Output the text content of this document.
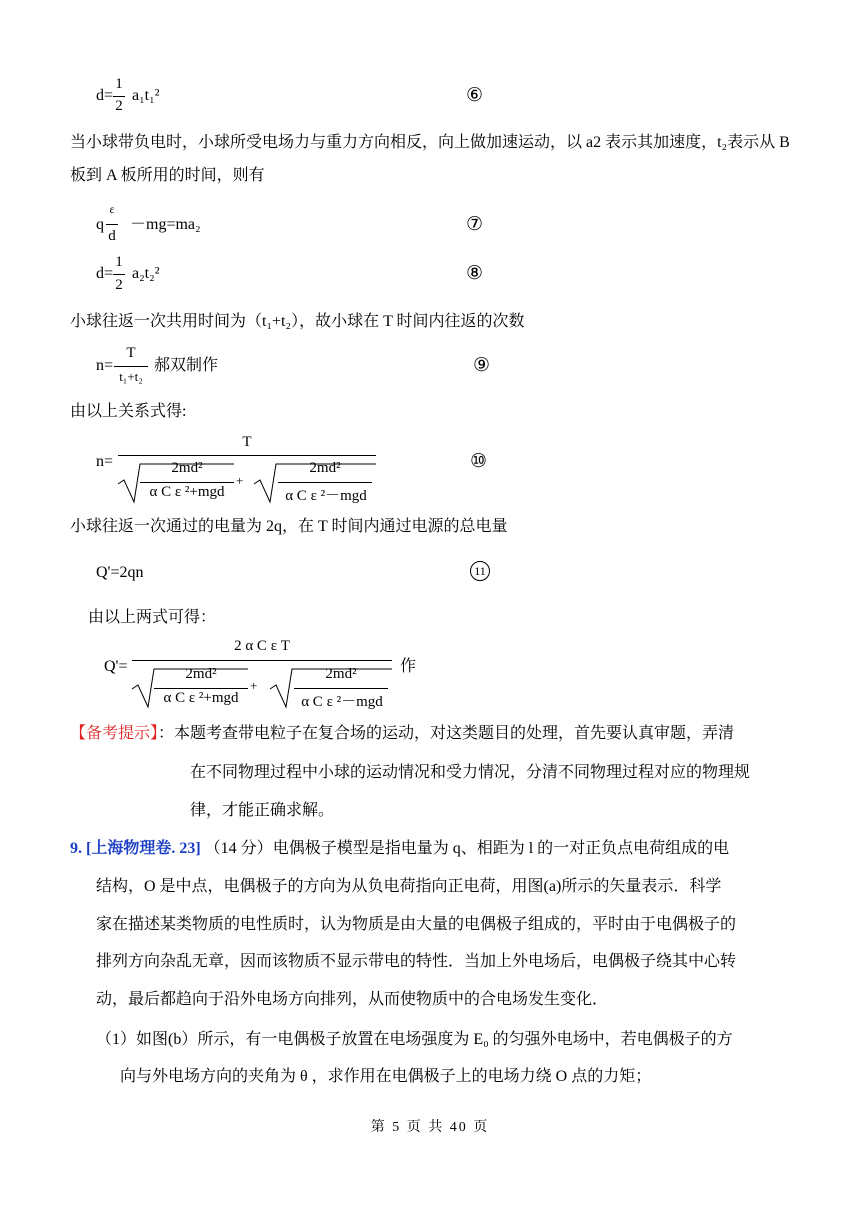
d=
1
2
a₁t₁²	⑥
当小球带负电时，小球所受电场力与重力方向相反，向上做加速运动，以 a2 表示其加速度，t₂表示从 B 板到 A 板所用的时间，则有
q
ε
d
－mg=ma₂	⑦
d=
1
2
a₂t₂²	⑧
小球往返一次共用时间为（t₁+t₂），故小球在 T 时间内往返的次数
n=
T
t₁+t₂
郝双制作	⑨
由以上关系式得:
n=
T
2md²
α C ε ²+mgd
+
2md²
α C ε ²－mgd
⑩
小球往返一次通过的电量为 2q，在 T 时间内通过电源的总电量
Q'=2qn	11
由以上两式可得：
Q'=
2 α C ε T
2md²
α C ε ²+mgd
+
2md²
α C ε ²－mgd
作
【备考提示】：本题考查带电粒子在复合场的运动，对这类题目的处理，首先要认真审题，弄清
在不同物理过程中小球的运动情况和受力情况，分清不同物理过程对应的物理规
律，才能正确求解。
9. [上海物理卷. 23] （14 分）电偶极子模型是指电量为 q、相距为 l 的一对正负点电荷组成的电
结构，O 是中点，电偶极子的方向为从负电荷指向正电荷，用图(a)所示的矢量表示．科学
家在描述某类物质的电性质时，认为物质是由大量的电偶极子组成的，平时由于电偶极子的
排列方向杂乱无章，因而该物质不显示带电的特性．当加上外电场后，电偶极子绕其中心转
动，最后都趋向于沿外电场方向排列，从而使物质中的合电场发生变化．
（1）如图(b）所示，有一电偶极子放置在电场强度为 E₀ 的匀强外电场中，若电偶极子的方
向与外电场方向的夹角为 θ ，求作用在电偶极子上的电场力绕 O 点的力矩；
第 5 页 共 40 页
